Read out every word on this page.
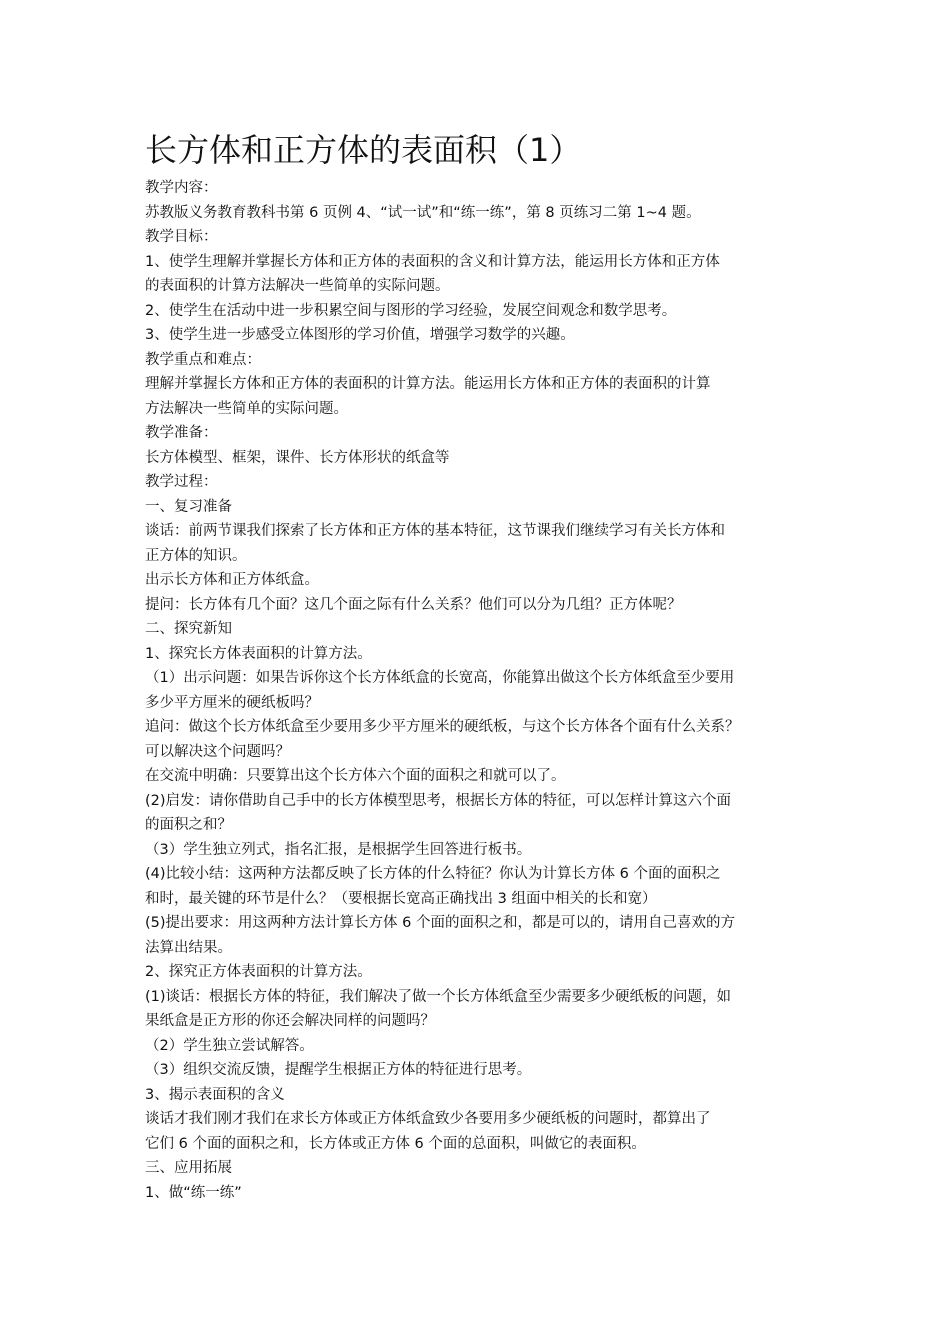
长方体和正方体的表面积（1）

教学内容：

苏教版义务教育教科书第 6 页例 4、“试一试”和“练一练”，第 8 页练习二第 1~4 题。

教学目标：

1、使学生理解并掌握长方体和正方体的表面积的含义和计算方法，能运用长方体和正方体

的表面积的计算方法解决一些简单的实际问题。

2、使学生在活动中进一步积累空间与图形的学习经验，发展空间观念和数学思考。

3、使学生进一步感受立体图形的学习价值，增强学习数学的兴趣。

教学重点和难点：

理解并掌握长方体和正方体的表面积的计算方法。能运用长方体和正方体的表面积的计算

方法解决一些简单的实际问题。

教学准备：

长方体模型、框架，课件、长方体形状的纸盒等

教学过程：

一、复习准备

谈话：前两节课我们探索了长方体和正方体的基本特征，这节课我们继续学习有关长方体和

正方体的知识。

出示长方体和正方体纸盒。

提问：长方体有几个面？这几个面之际有什么关系？他们可以分为几组？正方体呢？

二、探究新知

1、探究长方体表面积的计算方法。

（1）出示问题：如果告诉你这个长方体纸盒的长宽高，你能算出做这个长方体纸盒至少要用

多少平方厘米的硬纸板吗？

追问：做这个长方体纸盒至少要用多少平方厘米的硬纸板，与这个长方体各个面有什么关系？

可以解决这个问题吗？

在交流中明确：只要算出这个长方体六个面的面积之和就可以了。

(2)启发：请你借助自己手中的长方体模型思考，根据长方体的特征，可以怎样计算这六个面

的面积之和？

（3）学生独立列式，指名汇报，是根据学生回答进行板书。

(4)比较小结：这两种方法都反映了长方体的什么特征？你认为计算长方体 6 个面的面积之

和时，最关键的环节是什么？（要根据长宽高正确找出 3 组面中相关的长和宽）

(5)提出要求：用这两种方法计算长方体 6 个面的面积之和，都是可以的，请用自己喜欢的方

法算出结果。

2、探究正方体表面积的计算方法。

(1)谈话：根据长方体的特征，我们解决了做一个长方体纸盒至少需要多少硬纸板的问题，如

果纸盒是正方形的你还会解决同样的问题吗？

（2）学生独立尝试解答。

（3）组织交流反馈，提醒学生根据正方体的特征进行思考。

3、揭示表面积的含义

谈话才我们刚才我们在求长方体或正方体纸盒致少各要用多少硬纸板的问题时，都算出了

它们 6 个面的面积之和，长方体或正方体 6 个面的总面积，叫做它的表面积。

三、应用拓展

1、做“练一练”
